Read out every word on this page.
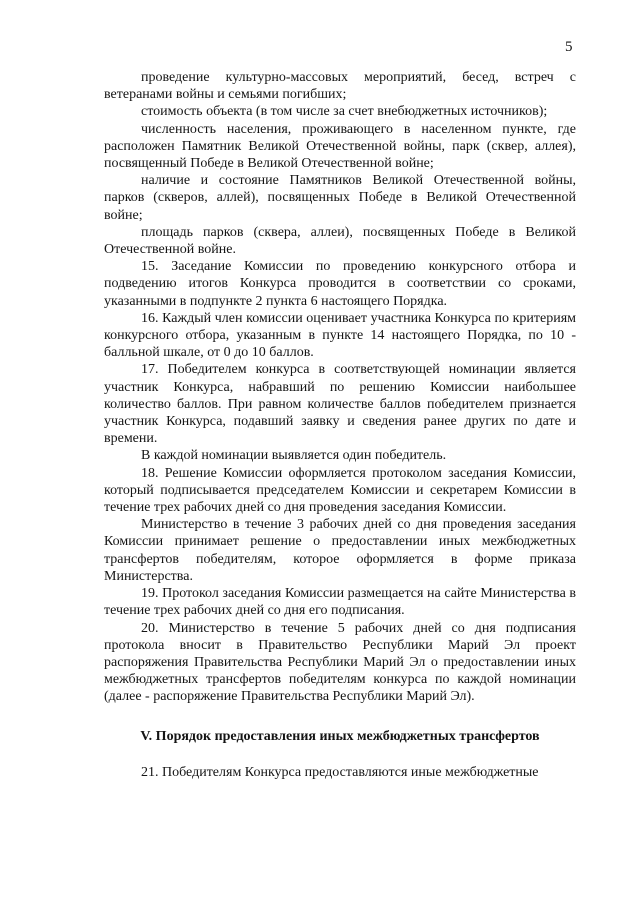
5

проведение культурно-массовых мероприятий, бесед, встреч с ветеранами войны и семьями погибших;

стоимость объекта (в том числе за счет внебюджетных источников);

численность населения, проживающего в населенном пункте, где расположен Памятник Великой Отечественной войны, парк (сквер, аллея), посвященный Победе в Великой Отечественной войне;

наличие и состояние Памятников Великой Отечественной войны, парков (скверов, аллей), посвященных Победе в Великой Отечественной войне;

площадь парков (сквера, аллеи), посвященных Победе в Великой Отечественной войне.

15. Заседание Комиссии по проведению конкурсного отбора и подведению итогов Конкурса проводится в соответствии со сроками, указанными в подпункте 2 пункта 6 настоящего Порядка.

16. Каждый член комиссии оценивает участника Конкурса по критериям конкурсного отбора, указанным в пункте 14 настоящего Порядка, по 10 - балльной шкале, от 0 до 10 баллов.

17. Победителем конкурса в соответствующей номинации является участник Конкурса, набравший по решению Комиссии наибольшее количество баллов. При равном количестве баллов победителем признается участник Конкурса, подавший заявку и сведения ранее других по дате и времени.

В каждой номинации выявляется один победитель.

18. Решение Комиссии оформляется протоколом заседания Комиссии, который подписывается председателем Комиссии и секретарем Комиссии в течение трех рабочих дней со дня проведения заседания Комиссии.

Министерство в течение 3 рабочих дней со дня проведения заседания Комиссии принимает решение о предоставлении иных межбюджетных трансфертов победителям, которое оформляется в форме приказа Министерства.

19. Протокол заседания Комиссии размещается на сайте Министерства в течение трех рабочих дней со дня его подписания.

20. Министерство в течение 5 рабочих дней со дня подписания протокола вносит в Правительство Республики Марий Эл проект распоряжения Правительства Республики Марий Эл о предоставлении иных межбюджетных трансфертов победителям конкурса по каждой номинации (далее - распоряжение Правительства Республики Марий Эл).

V. Порядок предоставления иных межбюджетных трансфертов

21. Победителям Конкурса предоставляются иные межбюджетные
